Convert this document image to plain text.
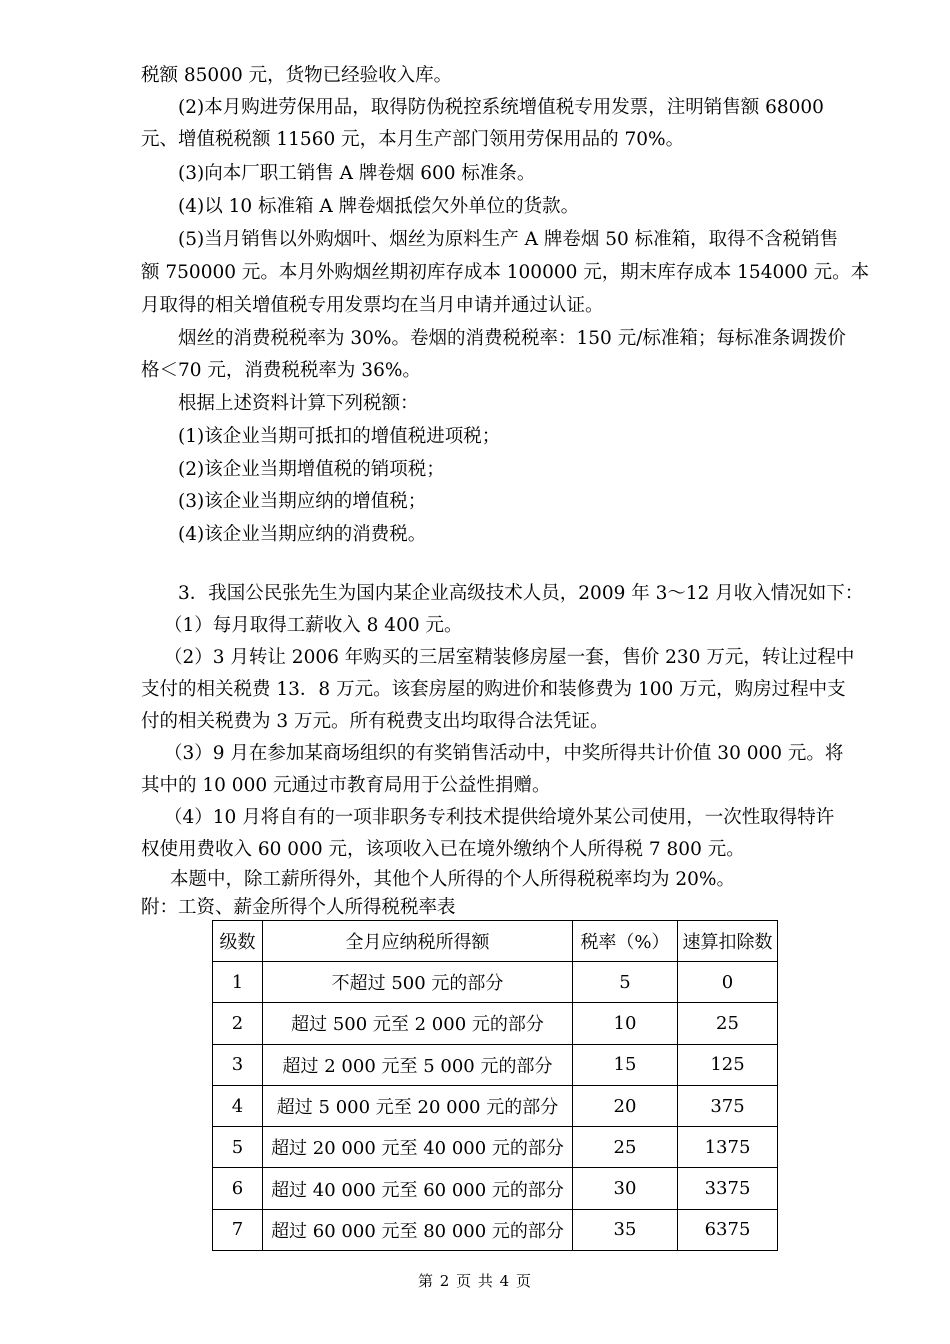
税额 85000 元，货物已经验收入库。
(2)本月购进劳保用品，取得防伪税控系统增值税专用发票，注明销售额 68000
元、增值税税额 11560 元，本月生产部门领用劳保用品的 70%。
(3)向本厂职工销售 A 牌卷烟 600 标准条。
(4)以 10 标准箱 A 牌卷烟抵偿欠外单位的货款。
(5)当月销售以外购烟叶、烟丝为原料生产 A 牌卷烟 50 标准箱，取得不含税销售
额 750000 元。本月外购烟丝期初库存成本 100000 元，期末库存成本 154000 元。本
月取得的相关增值税专用发票均在当月申请并通过认证。
烟丝的消费税税率为 30%。卷烟的消费税税率：150 元/标准箱；每标准条调拨价
格＜70 元，消费税税率为 36%。
根据上述资料计算下列税额：
(1)该企业当期可抵扣的增值税进项税；
(2)该企业当期增值税的销项税；
(3)该企业当期应纳的增值税；
(4)该企业当期应纳的消费税。
3．我国公民张先生为国内某企业高级技术人员，2009 年 3～12 月收入情况如下：
（1）每月取得工薪收入 8 400 元。
（2）3 月转让 2006 年购买的三居室精装修房屋一套，售价 230 万元，转让过程中
支付的相关税费 13．8 万元。该套房屋的购进价和装修费为 100 万元，购房过程中支
付的相关税费为 3 万元。所有税费支出均取得合法凭证。
（3）9 月在参加某商场组织的有奖销售活动中，中奖所得共计价值 30 000 元。将
其中的 10 000 元通过市教育局用于公益性捐赠。
（4）10 月将自有的一项非职务专利技术提供给境外某公司使用，一次性取得特许
权使用费收入 60 000 元，该项收入已在境外缴纳个人所得税 7 800 元。
本题中，除工薪所得外，其他个人所得的个人所得税税率均为 20%。
附：工资、薪金所得个人所得税税率表
级数	全月应纳税所得额	税率（%）	速算扣除数
1	不超过 500 元的部分	5	0
2	超过 500 元至 2 000 元的部分	10	25
3	超过 2 000 元至 5 000 元的部分	15	125
4	超过 5 000 元至 20 000 元的部分	20	375
5	超过 20 000 元至 40 000 元的部分	25	1375
6	超过 40 000 元至 60 000 元的部分	30	3375
7	超过 60 000 元至 80 000 元的部分	35	6375
第 2 页 共 4 页
